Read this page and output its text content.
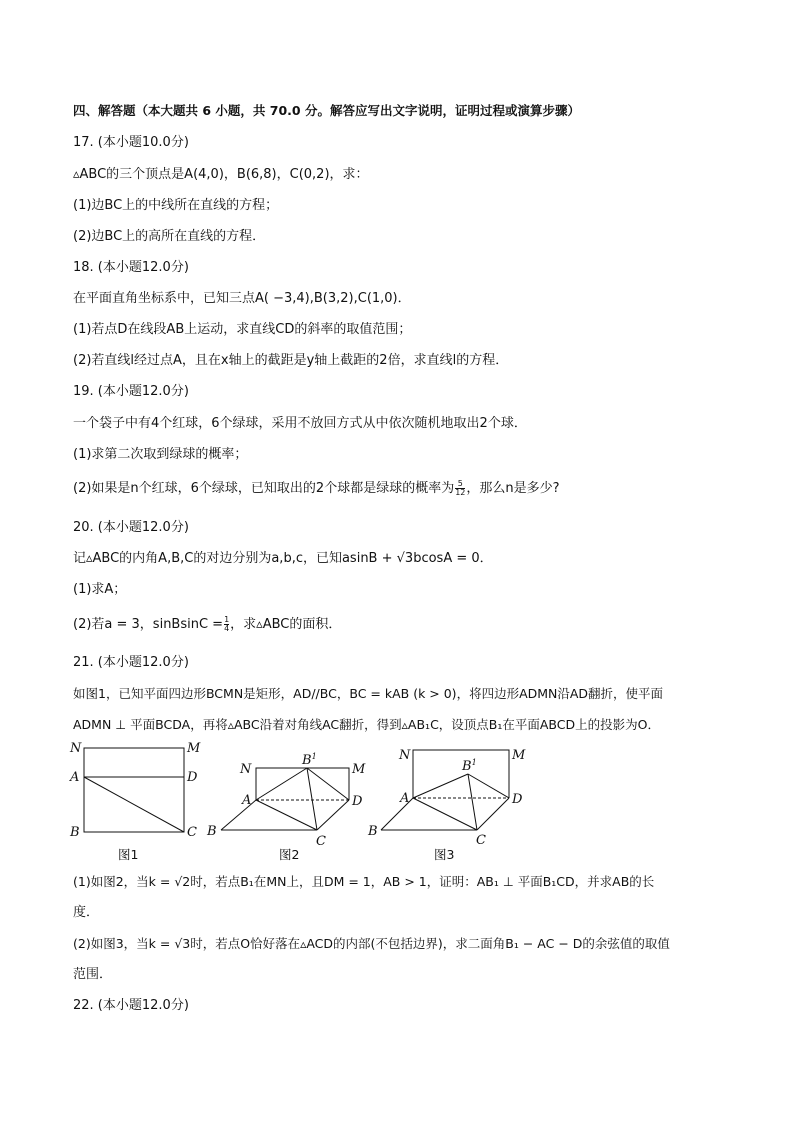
四、解答题（本大题共 6 小题，共 70.0 分。解答应写出文字说明，证明过程或演算步骤）
17. (本小题10.0分)
▵ABC的三个顶点是A(4,0)，B(6,8)，C(0,2)，求：
(1)边BC上的中线所在直线的方程；
(2)边BC上的高所在直线的方程．
18. (本小题12.0分)
在平面直角坐标系中，已知三点A( −3,4),B(3,2),C(1,0)．
(1)若点D在线段AB上运动，求直线CD的斜率的取值范围；
(2)若直线l经过点A，且在x轴上的截距是y轴上截距的2倍，求直线l的方程．
19. (本小题12.0分)
一个袋子中有4个红球，6个绿球，采用不放回方式从中依次随机地取出2个球．
(1)求第二次取到绿球的概率；
(2)如果是n个红球，6个绿球，已知取出的2个球都是绿球的概率为 $\frac{5}{12}$ ，那么n是多少?
20. (本小题12.0分)
记▵ABC的内角A,B,C的对边分别为a,b,c，已知asinB + √3bcosA = 0．
(1)求A；
(2)若a = 3，sinBsinC = $\frac{1}{4}$ ，求▵ABC的面积．
21. (本小题12.0分)
如图1，已知平面四边形BCMN是矩形，AD//BC，BC = kAB (k > 0)，将四边形ADMN沿AD翻折，使平面
ADMN ⊥ 平面BCDA，再将▵ABC沿着对角线AC翻折，得到▵AB₁C，设顶点B₁在平面ABCD上的投影为O．
N	M
A	D
B	C
图1
N
$B^1$
M
A	D
B
C
图2
N
$B^1$	M
A	D
B
C
图3
(1)如图2，当k = √2时，若点B₁在MN上，且DM = 1，AB > 1，证明：AB₁ ⊥ 平面B₁CD，并求AB的长
度．
(2)如图3，当k = √3时，若点O恰好落在▵ACD的内部(不包括边界)，求二面角B₁ − AC − D的余弦值的取值
范围．
22. (本小题12.0分)
